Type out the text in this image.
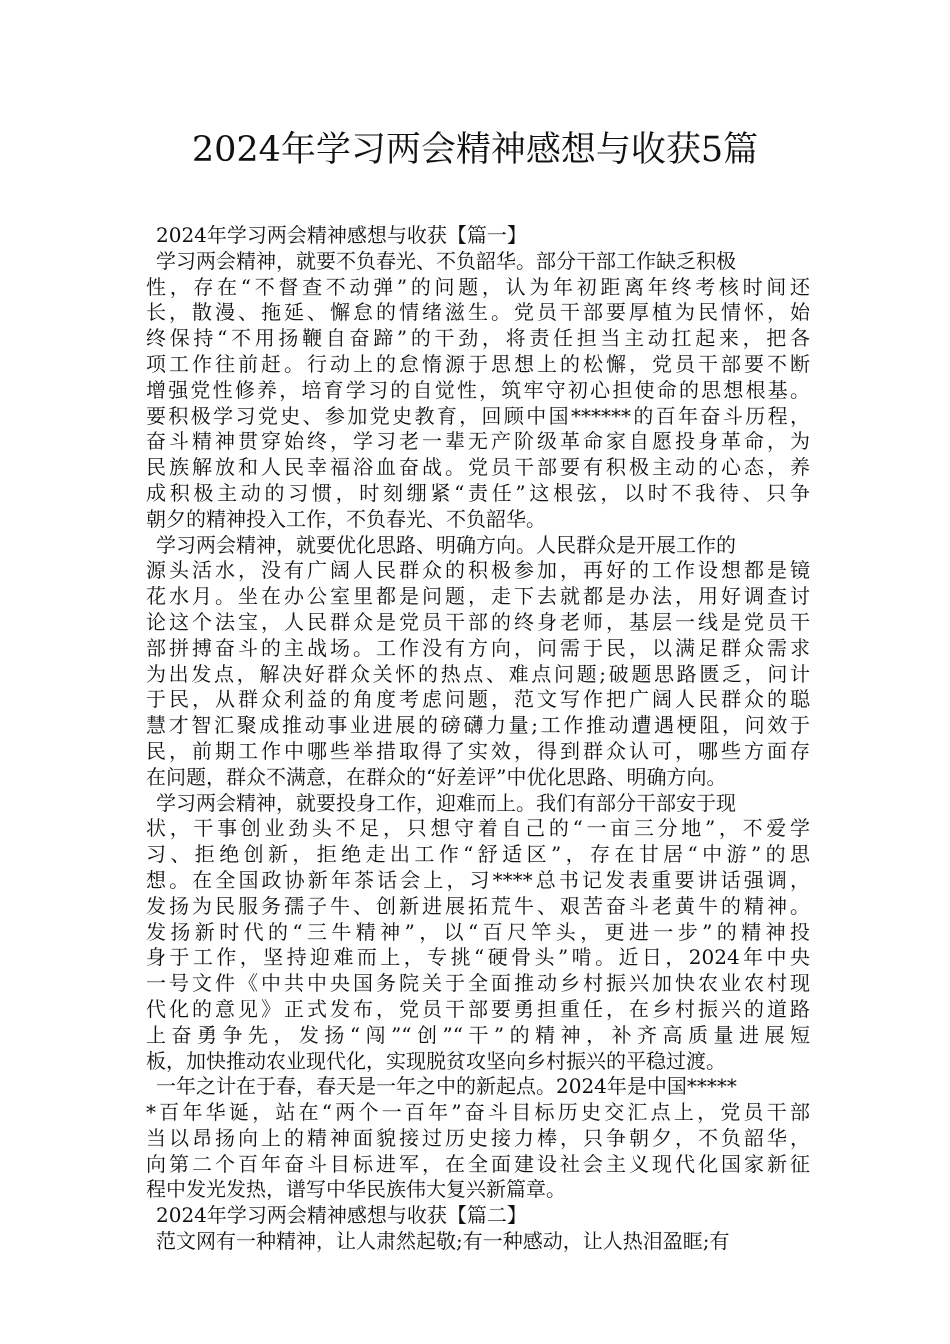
2024年学习两会精神感想与收获5篇
2024年学习两会精神感想与收获【篇一】
学习两会精神，就要不负春光、不负韶华。部分干部工作缺乏积极
性，存在“不督查不动弹”的问题，认为年初距离年终考核时间还
长，散漫、拖延、懈怠的情绪滋生。党员干部要厚植为民情怀，始
终保持“不用扬鞭自奋蹄”的干劲，将责任担当主动扛起来，把各
项工作往前赶。行动上的怠惰源于思想上的松懈，党员干部要不断
增强党性修养，培育学习的自觉性，筑牢守初心担使命的思想根基。
要积极学习党史、参加党史教育，回顾中国******的百年奋斗历程，
奋斗精神贯穿始终，学习老一辈无产阶级革命家自愿投身革命，为
民族解放和人民幸福浴血奋战。党员干部要有积极主动的心态，养
成积极主动的习惯，时刻绷紧“责任”这根弦，以时不我待、只争
朝夕的精神投入工作，不负春光、不负韶华。
学习两会精神，就要优化思路、明确方向。人民群众是开展工作的
源头活水，没有广阔人民群众的积极参加，再好的工作设想都是镜
花水月。坐在办公室里都是问题，走下去就都是办法，用好调查讨
论这个法宝，人民群众是党员干部的终身老师，基层一线是党员干
部拼搏奋斗的主战场。工作没有方向，问需于民，以满足群众需求
为出发点，解决好群众关怀的热点、难点问题;破题思路匮乏，问计
于民，从群众利益的角度考虑问题，范文写作把广阔人民群众的聪
慧才智汇聚成推动事业进展的磅礴力量;工作推动遭遇梗阻，问效于
民，前期工作中哪些举措取得了实效，得到群众认可，哪些方面存
在问题，群众不满意，在群众的“好差评”中优化思路、明确方向。
学习两会精神，就要投身工作，迎难而上。我们有部分干部安于现
状，干事创业劲头不足，只想守着自己的“一亩三分地”，不爱学
习、拒绝创新，拒绝走出工作“舒适区”，存在甘居“中游”的思
想。在全国政协新年茶话会上，习****总书记发表重要讲话强调，
发扬为民服务孺子牛、创新进展拓荒牛、艰苦奋斗老黄牛的精神。
发扬新时代的“三牛精神”，以“百尺竿头，更进一步”的精神投
身于工作，坚持迎难而上，专挑“硬骨头”啃。近日，2024年中央
一号文件《中共中央国务院关于全面推动乡村振兴加快农业农村现
代化的意见》正式发布，党员干部要勇担重任，在乡村振兴的道路
上奋勇争先，发扬“闯”“创”“干”的精神，补齐高质量进展短
板，加快推动农业现代化，实现脱贫攻坚向乡村振兴的平稳过渡。
一年之计在于春，春天是一年之中的新起点。2024年是中国*****
*百年华诞，站在“两个一百年”奋斗目标历史交汇点上，党员干部
当以昂扬向上的精神面貌接过历史接力棒，只争朝夕，不负韶华，
向第二个百年奋斗目标进军，在全面建设社会主义现代化国家新征
程中发光发热，谱写中华民族伟大复兴新篇章。
2024年学习两会精神感想与收获【篇二】
范文网有一种精神，让人肃然起敬;有一种感动，让人热泪盈眶;有
